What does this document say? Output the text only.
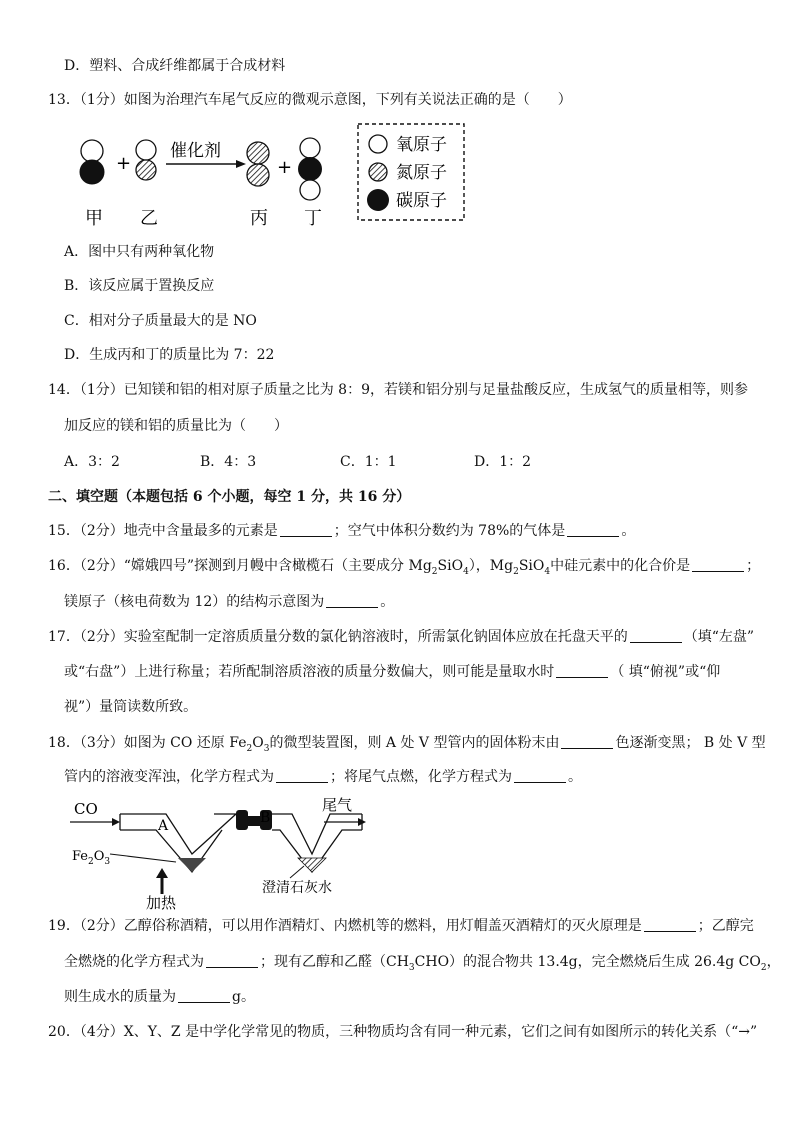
D．塑料、合成纤维都属于合成材料
13．（1分）如图为治理汽车尾气反应的微观示意图，下列有关说法正确的是（　　）
+
催化剂
+
甲 乙	丙 丁
氧原子
氮原子
碳原子
A．图中只有两种氧化物
B．该反应属于置换反应
C．相对分子质量最大的是 NO
D．生成丙和丁的质量比为 7：22
14．（1分）已知镁和铝的相对原子质量之比为 8：9，若镁和铝分别与足量盐酸反应，生成氢气的质量相等，则参
加反应的镁和铝的质量比为（　　）
A．3：2	B．4：3	C．1：1	D．1：2
二、填空题（本题包括 6 个小题，每空 1 分，共 16 分）
15．（2分）地壳中含量最多的元素是	；空气中体积分数约为 78%的气体是	。
16．（2分）“嫦娥四号”探测到月幔中含橄榄石（主要成分 $Mg_2SiO_4$），$Mg_2SiO_4$中硅元素中的化合价是	；
镁原子（核电荷数为 12）的结构示意图为	。
17．（2分）实验室配制一定溶质质量分数的氯化钠溶液时，所需氯化钠固体应放在托盘天平的	（填“左盘”
或“右盘”）上进行称量；若所配制溶质溶液的质量分数偏大，则可能是量取水时	（ 填“俯视”或“仰
视”）量筒读数所致。
18．（3分）如图为 CO 还原 $Fe_2O_3$的微型装置图，则 A 处 V 型管内的固体粉末由	色逐渐变黑； B 处 V 型
管内的溶液变浑浊，化学方程式为	；将尾气点燃，化学方程式为	。
CO
A	B
尾气
$Fe_2O_3$
加热
澄清石灰水
19．（2分）乙醇俗称酒精，可以用作酒精灯、内燃机等的燃料，用灯帽盖灭酒精灯的灭火原理是	；乙醇完
全燃烧的化学方程式为	；现有乙醇和乙醛$(CH_3CHO)$的混合物共 13.4g，完全燃烧后生成 26.4g $CO_2$，
则生成水的质量为	g。
20．（4分）X、Y、Z 是中学化学常见的物质，三种物质均含有同一种元素，它们之间有如图所示的转化关系（“→”
